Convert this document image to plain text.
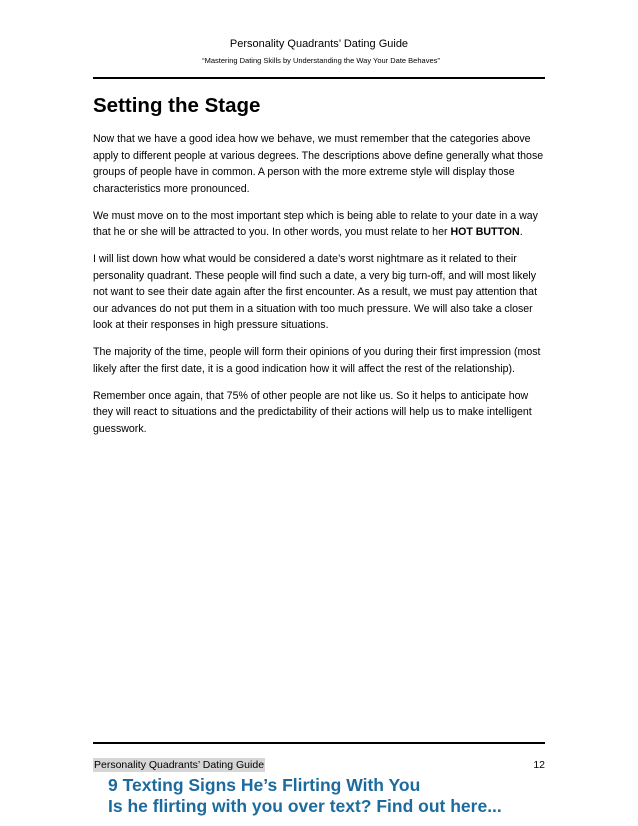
Personality Quadrants’ Dating Guide
“Mastering Dating Skills by Understanding the Way Your Date Behaves”
Setting the Stage

Now that we have a good idea how we behave, we must remember that the categories above apply to different people at various degrees. The descriptions above define generally what those groups of people have in common. A person with the more extreme style will display those characteristics more pronounced.

We must move on to the most important step which is being able to relate to your date in a way that he or she will be attracted to you. In other words, you must relate to her HOT BUTTON.

I will list down how what would be considered a date’s worst nightmare as it related to their personality quadrant. These people will find such a date, a very big turn-off, and will most likely not want to see their date again after the first encounter. As a result, we must pay attention that our advances do not put them in a situation with too much pressure. We will also take a closer look at their responses in high pressure situations.

The majority of the time, people will form their opinions of you during their first impression (most likely after the first date, it is a good indication how it will affect the rest of the relationship).

Remember once again, that 75% of other people are not like us. So it helps to anticipate how they will react to situations and the predictability of their actions will help us to make intelligent guesswork.

Personality Quadrants’ Dating Guide	12
9 Texting Signs He’s Flirting With You
Is he flirting with you over text? Find out here...
